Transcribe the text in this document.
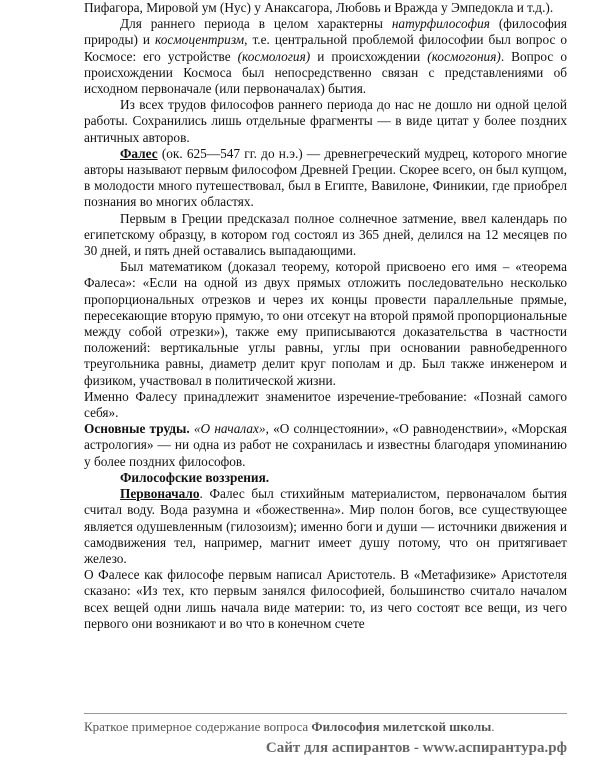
Пифагора, Мировой ум (Нус) у Анаксагора, Любовь и Вражда у Эмпедокла и т.д.).

Для раннего периода в целом характерны натурфилософия (философия природы) и космоцентризм, т.е. центральной проблемой философии был вопрос о Космосе: его устройстве (космология) и происхождении (космогония). Вопрос о происхождении Космоса был непосредственно связан с представлениями об исходном первоначале (или первоначалах) бытия.

Из всех трудов философов раннего периода до нас не дошло ни одной целой работы. Сохранились лишь отдельные фрагменты — в виде цитат у более поздних античных авторов.

Фалес (ок. 625—547 гг. до н.э.) — древнегреческий мудрец, которого многие авторы называют первым философом Древней Греции. Скорее всего, он был купцом, в молодости много путешествовал, был в Египте, Вавилоне, Финикии, где приобрел познания во многих областях.

Первым в Греции предсказал полное солнечное затмение, ввел календарь по египетскому образцу, в котором год состоял из 365 дней, делился на 12 месяцев по 30 дней, и пять дней оставались выпадающими.

Был математиком (доказал теорему, которой присвоено его имя – «теорема Фалеса»: «Если на одной из двух прямых отложить последовательно несколько пропорциональных отрезков и через их концы провести параллельные прямые, пересекающие вторую прямую, то они отсекут на второй прямой пропорциональные между собой отрезки»), также ему приписываются доказательства в частности положений: вертикальные углы равны, углы при основании равнобедренного треугольника равны, диаметр делит круг пополам и др. Был также инженером и физиком, участвовал в политической жизни.

Именно Фалесу принадлежит знаменитое изречение-требование: «Познай самого себя».

Основные труды. «О началах», «О солнцестоянии», «О равноденствии», «Морская астрология» — ни одна из работ не сохранилась и известны благодаря упоминанию у более поздних философов.

Философские воззрения.

Первоначало. Фалес был стихийным материалистом, первоначалом бытия считал воду. Вода разумна и «божественна». Мир полон богов, все существующее является одушевленным (гилозоизм); именно боги и души — источники движения и самодвижения тел, например, магнит имеет душу потому, что он притягивает железо.

О Фалесе как философе первым написал Аристотель. В «Метафизике» Аристотеля сказано: «Из тех, кто первым занялся философией, большинство считало началом всех вещей одни лишь начала виде материи: то, из чего состоят все вещи, из чего первого они возникают и во что в конечном счете

Краткое примерное содержание вопроса Философия милетской школы.
Сайт для аспирантов - www.аспирантура.рф
